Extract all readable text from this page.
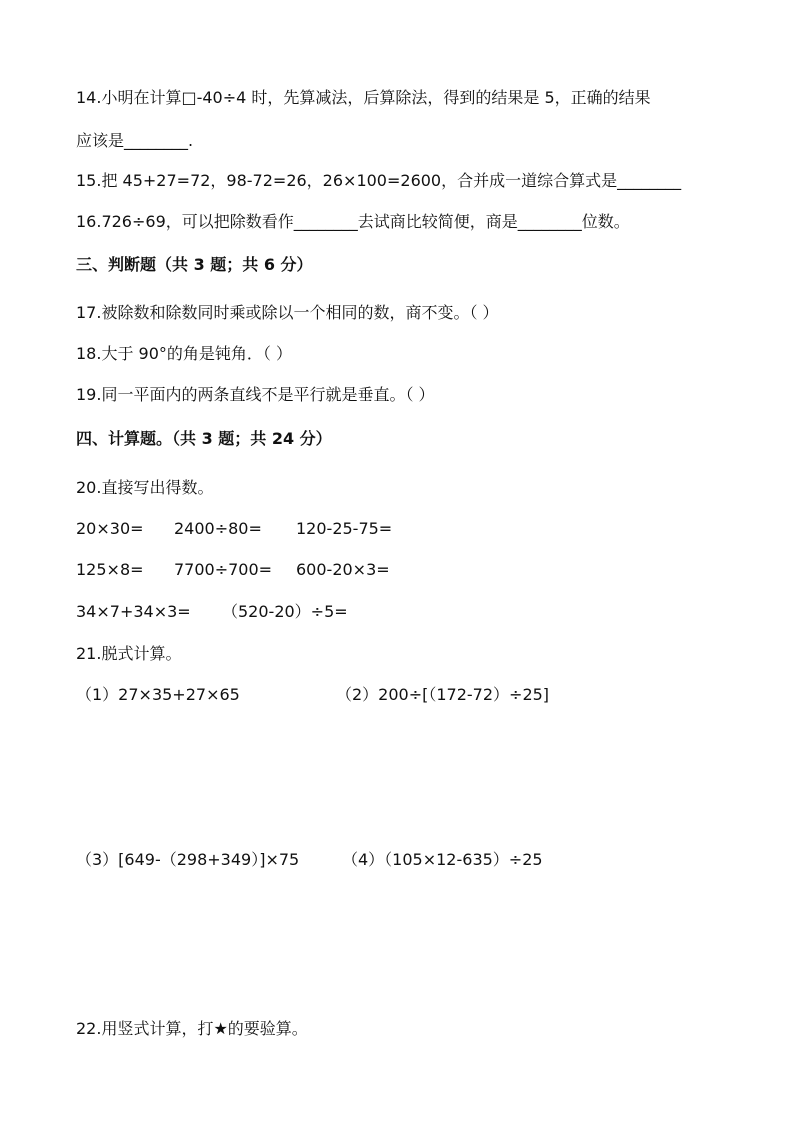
14.小明在计算□-40÷4 时，先算减法，后算除法，得到的结果是 5，正确的结果
应该是________.
15.把 45+27=72，98-72=26，26×100=2600，合并成一道综合算式是________
16.726÷69，可以把除数看作________去试商比较简便，商是________位数。
三、判断题（共 3 题；共 6 分）
17.被除数和除数同时乘或除以一个相同的数，商不变。（ ）
18.大于 90°的角是钝角．（ ）
19.同一平面内的两条直线不是平行就是垂直。（ ）
四、计算题。（共 3 题；共 24 分）
20.直接写出得数。
20×30= 2400÷80= 120-25-75=
125×8= 7700÷700= 600-20×3=
34×7+34×3= （520-20）÷5=
21.脱式计算。
（1）27×35+27×65	（2）200÷[（172-72）÷25]
（3）[649-（298+349）]×75	（4）（105×12-635）÷25
22.用竖式计算，打★的要验算。
